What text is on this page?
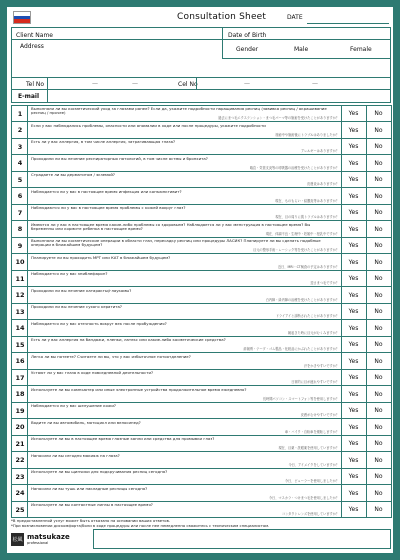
Consultation Sheet	DATE
Client Name	Date of Birth
Address	Gender	Male	Female
Tel No	—	—	Cel No	—	—
E-mail
1
Выполняли ли вы косметический уход за глазами ранее? Если да, укажите подробности наращивания ресниц (завивка ресниц / окрашивание ресниц / прочее)
過去にまつ毛エクステンション・まつ毛パーマ等の施術を受けたことがありますか？
Yes	No
2
Если у вас наблюдались проблемы, опасности или аномалии в ходе или после процедуры, укажите подробности
施術中や施術後にトラブルはありましたか？
Yes	No
3
Есть ли у вас аллергия, в том числе аллергия, затрагивающая глаза?
アレルギーはありますか？
Yes	No
4
Проходили ли вы лечение респираторных патологий, в том числе астмы и бронхита?
喘息・気管支炎等の呼吸器の治療を受けたことがありますか？
Yes	No
5
Страдаете ли вы дерматитом / экземой?
皮膚炎はありますか？
Yes	No
6
Наблюдается ли у вас в настоящее время инфекция или конъюнктивит?
現在、ものもらい・結膜炎等はありますか？
Yes	No
7
Наблюдаются ли у вас в настоящее время проблемы с кожей вокруг глаз?
現在、目の周りに肌トラブルはありますか？
Yes	No
8
Имеются ли у вас в настоящее время какие-либо проблемы со здоровьем? Наблюдается ли у вас менструация в настоящее время? Вы беременны или кормите ребенка в настоящее время?
現在、体調不良・生理中・妊娠中・授乳中ですか？
Yes	No
9
Выполняли ли вы косметические операции в области глаз, пересадку ресниц или процедуры ЛАСИК? Планируете ли вы сделать подобные операции в ближайшем будущем?
目元の整形手術・レーシック等を受けたことがありますか？
Yes	No
10
Планируете ли вы проходить МРТ или КАТ в ближайшем будущем?
近日、MRI・CT検査の予定はありますか？
Yes	No
11
Наблюдается ли у вас эпиблефарон?
逆さまつ毛ですか？
Yes	No
12
Проходили ли вы лечение катаракты/глаукомы?
白内障・緑内障の治療を受けたことがありますか？
Yes	No
13
Проходили ли вы лечение сухого кератита?
ドライアイと診断されたことがありますか？
Yes	No
14
Наблюдается ли у вас отечность вокруг век после пробуждения?
朝起きた時に目元がむくみますか？
Yes	No
15
Есть ли у вас аллергия на бандажи, пленки, латекс или какие-либо косметические средства?
絆創膏・テープ・ゴム製品・化粧品にかぶれたことがありますか？
Yes	No
16
Легко ли вы потеете? Считаете ли вы, что у вас избыточное потоотделение?
汗をかきやすいですか？
Yes	No
17
Устают ли у вас глаза в ходе повседневной деятельности?
日常的に目が疲れやすいですか？
Yes	No
18
Используете ли вы компьютер или иные электронные устройства продолжительное время ежедневно?
長時間パソコン・スマートフォン等を使用しますか？
Yes	No
19
Наблюдается ли у вас шелушение кожи?
皮膚がむけやすいですか？
Yes	No
20
Водите ли вы автомобиль, мотоцикл или велосипед?
車・バイク・自転車を運転しますか？
Yes	No
21
Используете ли вы в настоящее время глазные капли или средства для промывки глаз?
現在、目薬・洗眼薬を使用していますか？
Yes	No
22
Наносили ли вы сегодня макияж на глаза?
今日、アイメイクをしていますか？
Yes	No
23
Используете ли вы щипчики для подкручивания ресниц сегодня?
今日、ビューラーを使用しましたか？
Yes	No
24
Наносили ли вы тушь или накладные ресницы сегодня?
今日、マスカラ・つけまつ毛を使用しましたか？
Yes	No
25
Используете ли вы контактные линзы в настоящее время?
コンタクトレンズを使用していますか？
Yes	No
*В предоставленной услуг может быть отказано на основании ваших ответов.
*При возникновении дискомфорта/боли в ходе процедуры или после нее немедленно свяжитесь с техническим специалистом.
松風 matsukaze
professional
